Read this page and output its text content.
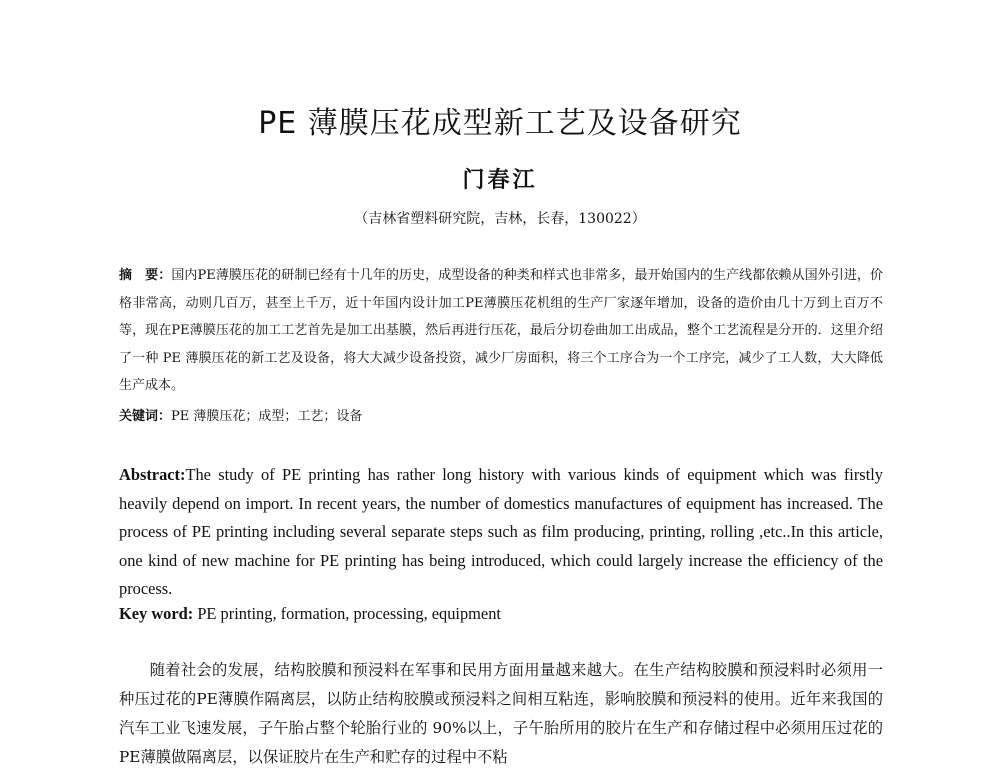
PE 薄膜压花成型新工艺及设备研究
门春江
（吉林省塑料研究院，吉林，长春，130022）
摘　要：国内PE薄膜压花的研制已经有十几年的历史，成型设备的种类和样式也非常多，最开始国内的生产线都依赖从国外引进，价格非常高，动则几百万，甚至上千万，近十年国内设计加工PE薄膜压花机组的生产厂家逐年增加，设备的造价由几十万到上百万不等，现在PE薄膜压花的加工工艺首先是加工出基膜，然后再进行压花，最后分切卷曲加工出成品，整个工艺流程是分开的．这里介绍了一种 PE 薄膜压花的新工艺及设备，将大大减少设备投资，减少厂房面积，将三个工序合为一个工序完，减少了工人数，大大降低生产成本。
关键词：PE 薄膜压花；成型；工艺；设备
Abstract:The study of PE printing has rather long history with various kinds of equipment which was firstly heavily depend on import. In recent years, the number of domestics manufactures of equipment has increased. The process of PE printing including several separate steps such as film producing, printing, rolling ,etc..In this article, one kind of new machine for PE printing has being introduced, which could largely increase the efficiency of the process.
Key word: PE printing, formation, processing, equipment
随着社会的发展，结构胶膜和预浸料在军事和民用方面用量越来越大。在生产结构胶膜和预浸料时必须用一种压过花的PE薄膜作隔离层，以防止结构胶膜或预浸料之间相互粘连，影响胶膜和预浸料的使用。近年来我国的汽车工业飞速发展，子午胎占整个轮胎行业的 90%以上，子午胎所用的胶片在生产和存储过程中必须用压过花的PE薄膜做隔离层，以保证胶片在生产和贮存的过程中不粘
